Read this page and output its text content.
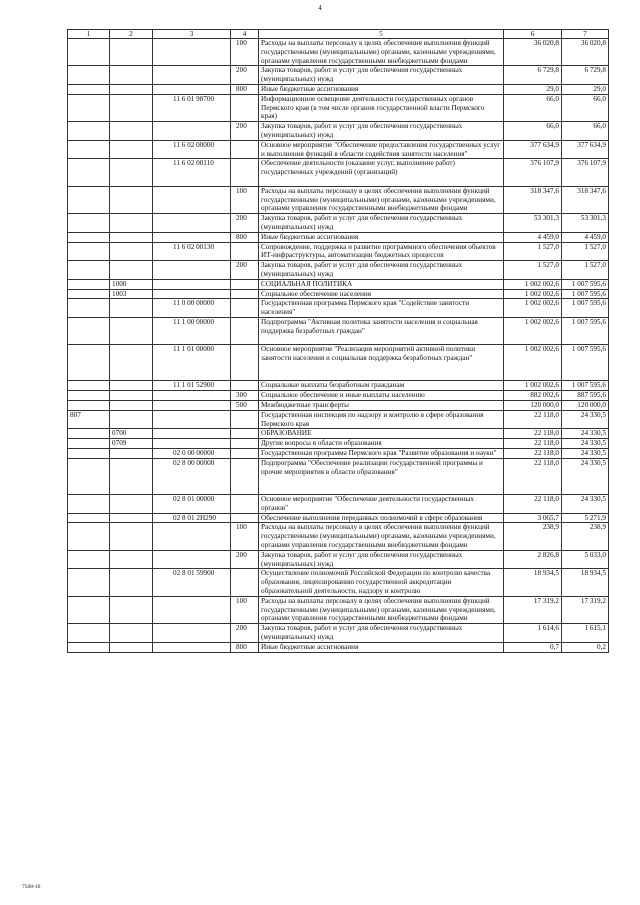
4
1	2	3	4	5	6	7
			100	Расходы на выплаты персоналу в целях обеспечения выполнения функций государственными (муниципальными) органами, казенными учреждениями, органами управления государственными внебюджетными фондами	36 020,8	36 020,8
			200	Закупка товаров, работ и услуг для обеспечения государственных (муниципальных) нужд	6 729,8	6 729,8
			800	Иные бюджетные ассигнования	29,0	29,0
		11 6 01 98700		Информационное освещение деятельности государственных органов Пермского края (в том числе органов государственной власти Пермского края)	66,0	66,0
			200	Закупка товаров, работ и услуг для обеспечения государственных (муниципальных) нужд	66,0	66,0
		11 6 02 00000		Основное мероприятие "Обеспечение предоставления государственных услуг и выполнения функций в области содействия занятости населения"	377 634,9	377 634,9
		11 6 02 00110		Обеспечение деятельности (оказание услуг, выполнение работ) государственных учреждений (организаций)	376 107,9	376 107,9
			100	Расходы на выплаты персоналу в целях обеспечения выполнения функций государственными (муниципальными) органами, казенными учреждениями, органами управления государственными внебюджетными фондами	318 347,6	318 347,6
			200	Закупка товаров, работ и услуг для обеспечения государственных (муниципальных) нужд	53 301,3	53 301,3
			800	Иные бюджетные ассигнования	4 459,0	4 459,0
		11 6 02 00130		Сопровождение, поддержка и развитие программного обеспечения объектов ИТ-инфраструктуры, автоматизации бюджетных процессов	1 527,0	1 527,0
			200	Закупка товаров, работ и услуг для обеспечения государственных (муниципальных) нужд	1 527,0	1 527,0
	1000			СОЦИАЛЬНАЯ ПОЛИТИКА	1 002 002,6	1 007 595,6
	1003			Социальное обеспечение населения	1 002 002,6	1 007 595,6
		11 0 00 00000		Государственная программа Пермского края "Содействие занятости населения"	1 002 002,6	1 007 595,6
		11 1 00 00000		Подпрограмма "Активная политика занятости населения и социальная поддержка безработных граждан"	1 002 002,6	1 007 595,6
		11 1 01 00000		Основное мероприятие "Реализация мероприятий активной политики занятости населения и социальная поддержка безработных граждан"	1 002 002,6	1 007 595,6
		11 1 01 52900		Социальные выплаты безработным гражданам	1 002 002,6	1 007 595,6
			300	Социальное обеспечение и иные выплаты населению	882 002,6	887 595,6
			500	Межбюджетные трансферты	120 000,0	120 000,0
807				Государственная инспекция по надзору и контролю в сфере образования Пермского края	22 118,0	24 330,5
	0700			ОБРАЗОВАНИЕ	22 118,0	24 330,5
	0709			Другие вопросы в области образования	22 118,0	24 330,5
		02 0 00 00000		Государственная программа Пермского края "Развитие образования и науки"	22 118,0	24 330,5
		02 8 00 00000		Подпрограмма "Обеспечение реализации государственной программы и прочие мероприятия в области образования"	22 118,0	24 330,5
		02 8 01 00000		Основное мероприятие "Обеспечение деятельности государственных органов"	22 118,0	24 330,5
		02 8 01 2Н290		Обеспечение выполнения переданных полномочий в сфере образования	3 065,7	5 271,9
			100	Расходы на выплаты персоналу в целях обеспечения выполнения функций государственными (муниципальными) органами, казенными учреждениями, органами управления государственными внебюджетными фондами	238,9	238,9
			200	Закупка товаров, работ и услуг для обеспечения государственных (муниципальных) нужд	2 826,8	5 033,0
		02 8 01 59900		Осуществление полномочий Российской Федерации по контролю качества образования, лицензированию государственной аккредитации образовательной деятельности, надзору и контролю	18 934,5	18 934,5
			100	Расходы на выплаты персоналу в целях обеспечения выполнения функций государственными (муниципальными) органами, казенными учреждениями, органами управления государственными внебюджетными фондами	17 319,2	17 319,2
			200	Закупка товаров, работ и услуг для обеспечения государственных (муниципальных) нужд	1 614,6	1 615,1
			800	Иные бюджетные ассигнования	0,7	0,2
7508-16
